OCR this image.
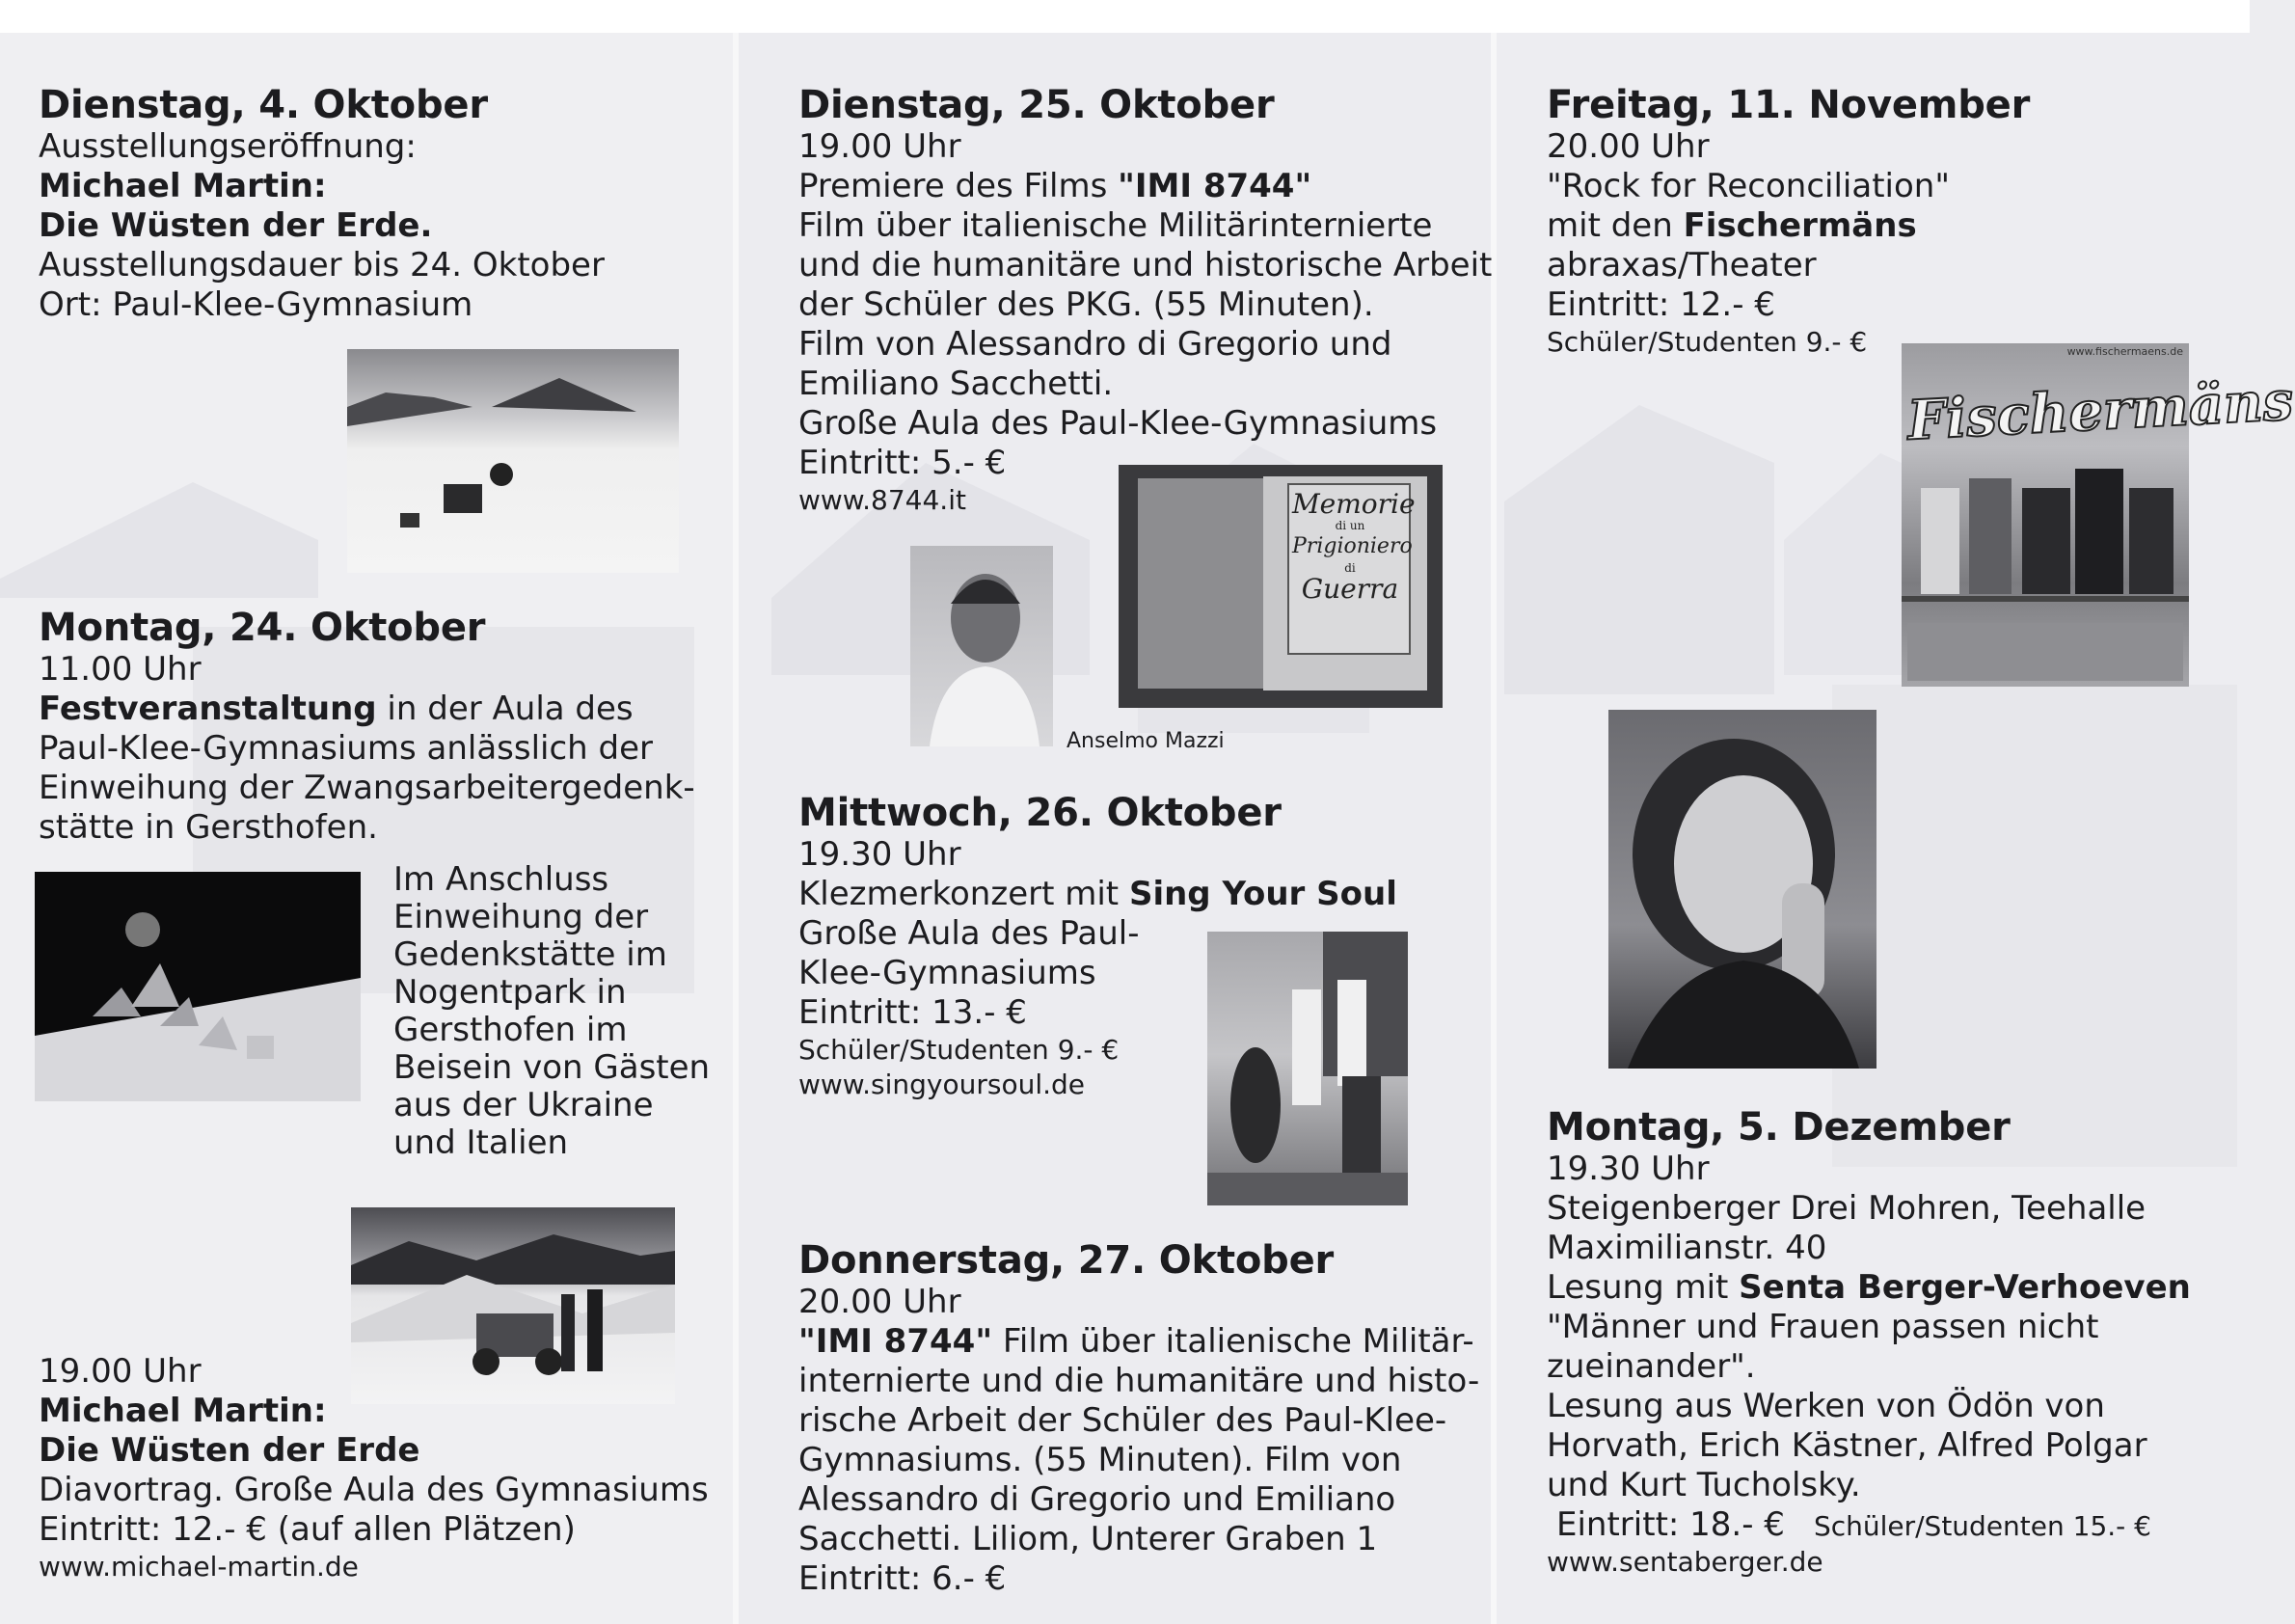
Dienstag, 4. Oktober
Ausstellungseröffnung:
Michael Martin:
Die Wüsten der Erde.
Ausstellungsdauer bis 24. Oktober
Ort: Paul-Klee-Gymnasium
Montag, 24. Oktober
11.00 Uhr
Festveranstaltung in der Aula des
Paul-Klee-Gymnasiums anlässlich der
Einweihung der Zwangsarbeitergedenk-
stätte in Gersthofen.
Im Anschluss
Einweihung der
Gedenkstätte im
Nogentpark in
Gersthofen im
Beisein von Gästen
aus der Ukraine
und Italien
19.00 Uhr
Michael Martin:
Die Wüsten der Erde
Diavortrag. Große Aula des Gymnasiums
Eintritt: 12.- € (auf allen Plätzen)
www.michael-martin.de
Dienstag, 25. Oktober
19.00 Uhr
Premiere des Films "IMI 8744"
Film über italienische Militärinternierte
und die humanitäre und historische Arbeit
der Schüler des PKG. (55 Minuten).
Film von Alessandro di Gregorio und
Emiliano Sacchetti.
Große Aula des Paul-Klee-Gymnasiums
Eintritt: 5.- €
www.8744.it
Anselmo Mazzi
Memorie
di un
Prigioniero
di
Guerra
Mittwoch, 26. Oktober
19.30 Uhr
Klezmerkonzert mit Sing Your Soul
Große Aula des Paul-
Klee-Gymnasiums
Eintritt: 13.- €
Schüler/Studenten 9.- €
www.singyoursoul.de
Donnerstag, 27. Oktober
20.00 Uhr
"IMI 8744" Film über italienische Militär-
internierte und die humanitäre und histo-
rische Arbeit der Schüler des Paul-Klee-
Gymnasiums. (55 Minuten). Film von
Alessandro di Gregorio und Emiliano
Sacchetti. Liliom, Unterer Graben 1
Eintritt: 6.- €
Freitag, 11. November
20.00 Uhr
"Rock for Reconciliation"
mit den Fischermäns
abraxas/Theater
Eintritt: 12.- €
Schüler/Studenten 9.- €	www.fischermaens.de
Fischermäns
Montag, 5. Dezember
19.30 Uhr
Steigenberger Drei Mohren, Teehalle
Maximilianstr. 40
Lesung mit Senta Berger-Verhoeven
"Männer und Frauen passen nicht
zueinander".
Lesung aus Werken von Ödön von
Horvath, Erich Kästner, Alfred Polgar
und Kurt Tucholsky.
Eintritt: 18.- € Schüler/Studenten 15.- €
www.sentaberger.de
